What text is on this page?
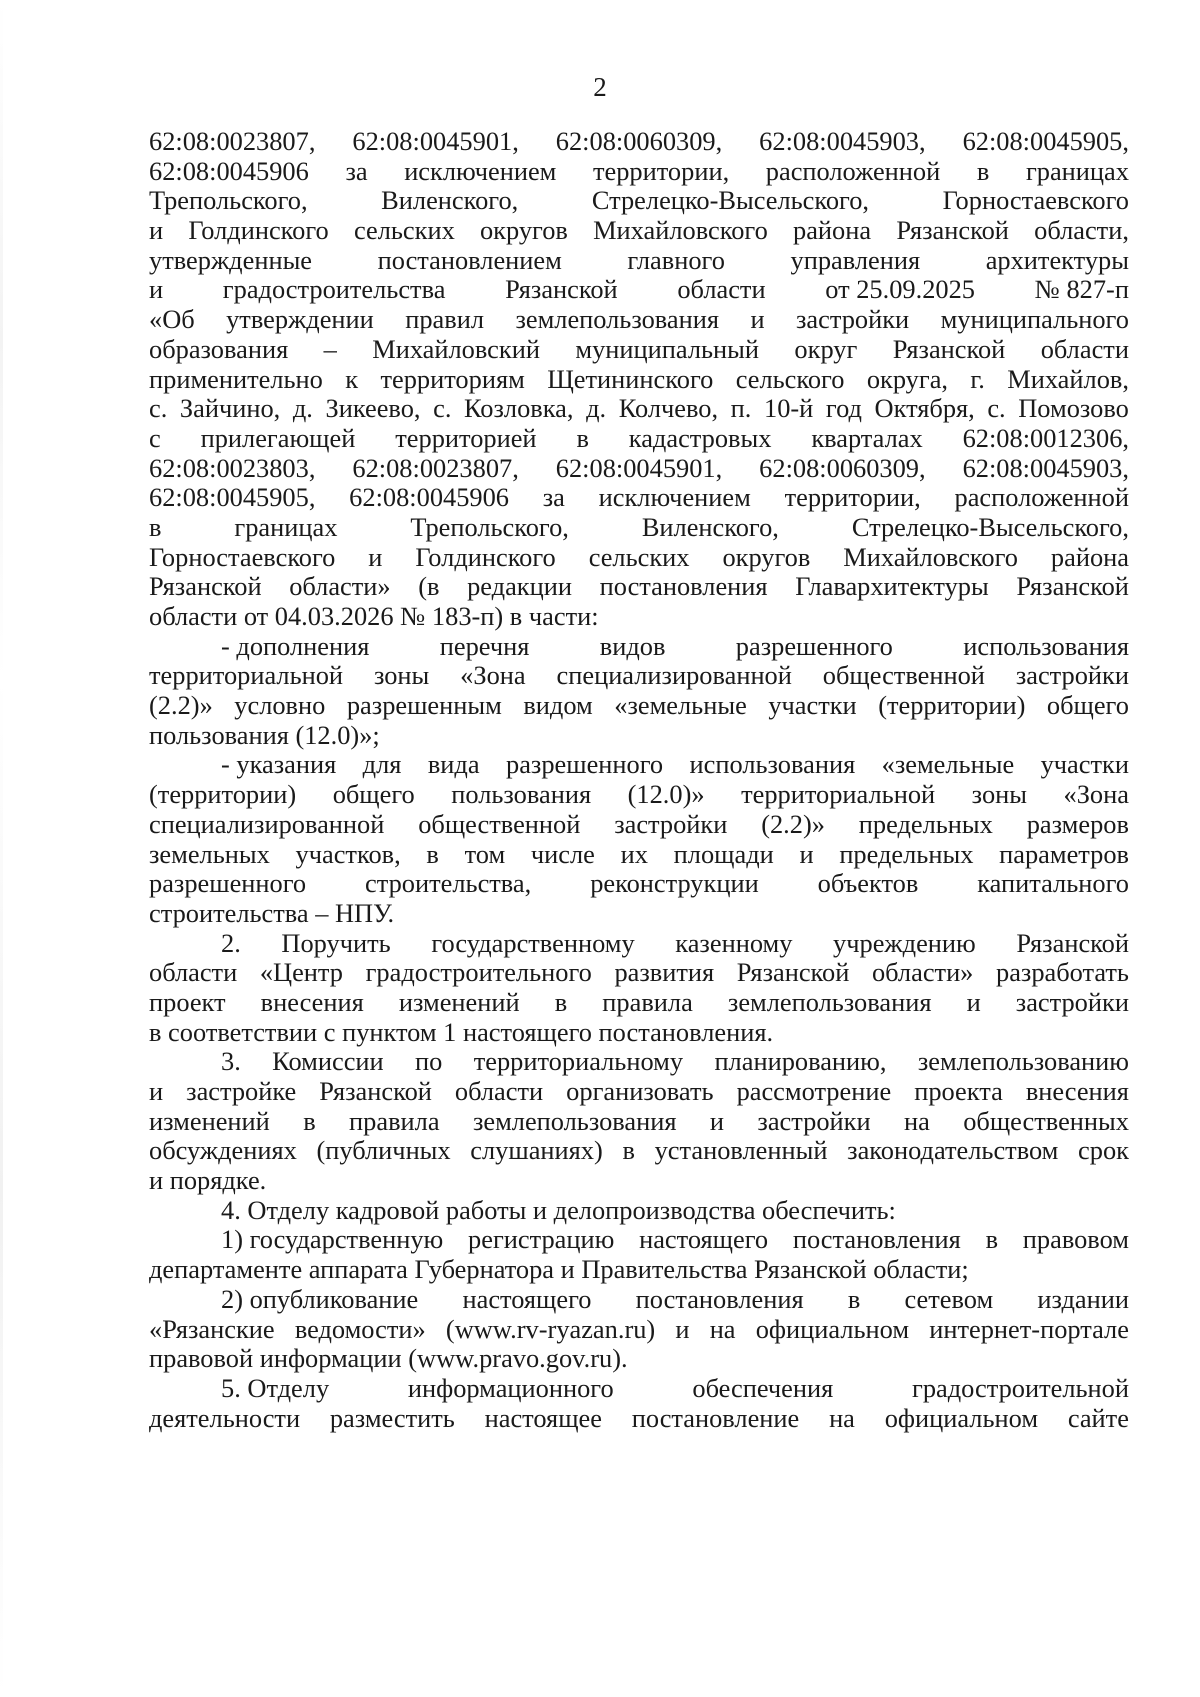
2
62:08:0023807, 62:08:0045901, 62:08:0060309, 62:08:0045903, 62:08:0045905,
62:08:0045906 за исключением территории, расположенной в границах
Трепольского,	Виленского,	Стрелецко-Высельского,	Горностаевского
и Голдинского сельских округов Михайловского района Рязанской области,
утвержденные постановлением главного управления архитектуры
и градостроительства Рязанской области от 25.09.2025 № 827-п
«Об утверждении правил землепользования и застройки муниципального
образования – Михайловский муниципальный округ Рязанской области
применительно к территориям Щетининского сельского округа, г. Михайлов,
с. Зайчино, д. Зикеево, с. Козловка, д. Колчево, п. 10-й год Октября, с. Помозово
с прилегающей территорией в кадастровых кварталах 62:08:0012306,
62:08:0023803, 62:08:0023807, 62:08:0045901, 62:08:0060309, 62:08:0045903,
62:08:0045905, 62:08:0045906 за исключением территории, расположенной
в	границах	Трепольского,	Виленского,	Стрелецко-Высельского,
Горностаевского и Голдинского сельских округов Михайловского района
Рязанской области» (в редакции постановления Главархитектуры Рязанской
области от 04.03.2026 № 183-п) в части:
- дополнения	перечня	видов	разрешенного	использования
территориальной зоны «Зона специализированной общественной застройки
(2.2)» условно разрешенным видом «земельные участки (территории) общего
пользования (12.0)»;
- указания для вида разрешенного использования «земельные участки
(территории) общего пользования (12.0)» территориальной зоны «Зона
специализированной общественной застройки (2.2)» предельных размеров
земельных участков, в том числе их площади и предельных параметров
разрешенного строительства, реконструкции объектов капитального
строительства – НПУ.
2. Поручить государственному казенному учреждению Рязанской
области «Центр градостроительного развития Рязанской области» разработать
проект внесения изменений в правила землепользования и застройки
в соответствии с пунктом 1 настоящего постановления.
3. Комиссии по территориальному планированию, землепользованию
и застройке Рязанской области организовать рассмотрение проекта внесения
изменений в правила землепользования и застройки на общественных
обсуждениях (публичных слушаниях) в установленный законодательством срок
и порядке.
4. Отделу кадровой работы и делопроизводства обеспечить:
1) государственную регистрацию настоящего постановления в правовом
департаменте аппарата Губернатора и Правительства Рязанской области;
2) опубликование настоящего постановления в сетевом издании
«Рязанские ведомости» (www.rv-ryazan.ru) и на официальном интернет-портале
правовой информации (www.pravo.gov.ru).
5. Отделу	информационного	обеспечения	градостроительной
деятельности разместить настоящее постановление на официальном сайте
